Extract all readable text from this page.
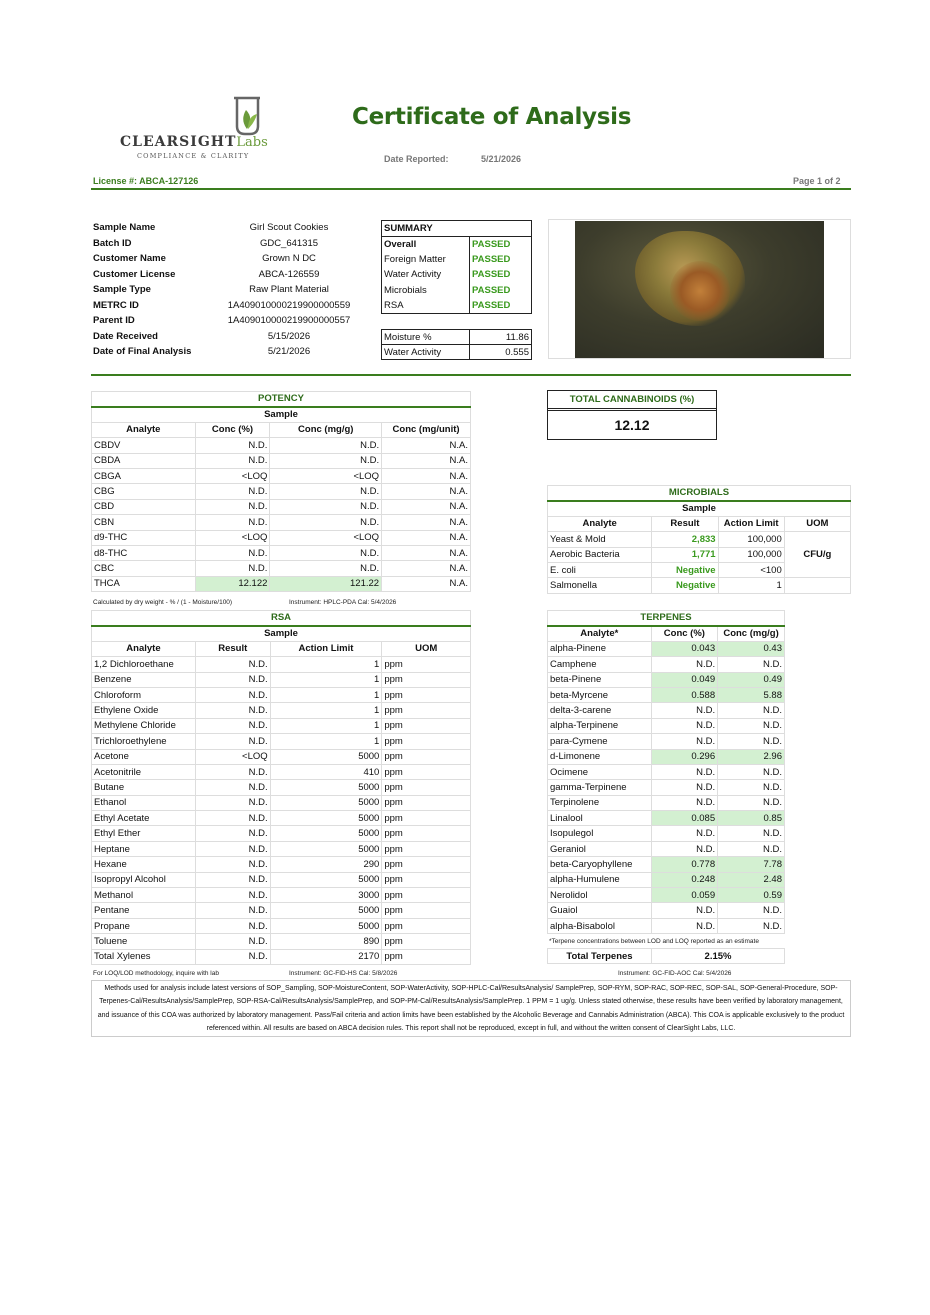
CLEARSIGHTLabs
COMPLIANCE & CLARITY
Certificate of Analysis
Date Reported:	5/21/2026
License #: ABCA-127126	Page 1 of 2
Sample Name	Girl Scout Cookies
Batch ID	GDC_641315
Customer Name	Grown N DC
Customer License	ABCA-126559
Sample Type	Raw Plant Material
METRC ID	1A409010000219900000559
Parent ID	1A409010000219900000557
Date Received	5/15/2026
Date of Final Analysis	5/21/2026
SUMMARY	
Overall	PASSED
Foreign Matter	PASSED
Water Activity	PASSED
Microbials	PASSED
RSA	PASSED
Moisture %	11.86
Water Activity	0.555
POTENCY			
Sample			
Analyte	Conc (%)	Conc (mg/g)	Conc (mg/unit)
CBDV	N.D.	N.D.	N.A.
CBDA	N.D.	N.D.	N.A.
CBGA	<LOQ	<LOQ	N.A.
CBG	N.D.	N.D.	N.A.
CBD	N.D.	N.D.	N.A.
CBN	N.D.	N.D.	N.A.
d9-THC	<LOQ	<LOQ	N.A.
d8-THC	N.D.	N.D.	N.A.
CBC	N.D.	N.D.	N.A.
THCA	12.122	121.22	N.A.
Calculated by dry weight - % / (1 - Moisture/100)	Instrument: HPLC-PDA Cal: 5/4/2026
TOTAL CANNABINOIDS (%)
12.12
MICROBIALS			
Sample			
Analyte	Result	Action Limit	UOM
Yeast & Mold	2,833	100,000	CFU/g
Aerobic Bacteria	1,771	100,000	
E. coli	Negative	<100	
Salmonella	Negative	1	
RSA			
Sample			
Analyte	Result	Action Limit	UOM
1,2 Dichloroethane	N.D.	1	ppm
Benzene	N.D.	1	ppm
Chloroform	N.D.	1	ppm
Ethylene Oxide	N.D.	1	ppm
Methylene Chloride	N.D.	1	ppm
Trichloroethylene	N.D.	1	ppm
Acetone	<LOQ	5000	ppm
Acetonitrile	N.D.	410	ppm
Butane	N.D.	5000	ppm
Ethanol	N.D.	5000	ppm
Ethyl Acetate	N.D.	5000	ppm
Ethyl Ether	N.D.	5000	ppm
Heptane	N.D.	5000	ppm
Hexane	N.D.	290	ppm
Isopropyl Alcohol	N.D.	5000	ppm
Methanol	N.D.	3000	ppm
Pentane	N.D.	5000	ppm
Propane	N.D.	5000	ppm
Toluene	N.D.	890	ppm
Total Xylenes	N.D.	2170	ppm
For LOQ/LOD methodology, inquire with lab	Instrument: GC-FID-HS Cal: 5/8/2026
TERPENES		
Analyte*	Conc (%)	Conc (mg/g)
alpha-Pinene	0.043	0.43
Camphene	N.D.	N.D.
beta-Pinene	0.049	0.49
beta-Myrcene	0.588	5.88
delta-3-carene	N.D.	N.D.
alpha-Terpinene	N.D.	N.D.
para-Cymene	N.D.	N.D.
d-Limonene	0.296	2.96
Ocimene	N.D.	N.D.
gamma-Terpinene	N.D.	N.D.
Terpinolene	N.D.	N.D.
Linalool	0.085	0.85
Isopulegol	N.D.	N.D.
Geraniol	N.D.	N.D.
beta-Caryophyllene	0.778	7.78
alpha-Humulene	0.248	2.48
Nerolidol	0.059	0.59
Guaiol	N.D.	N.D.
alpha-Bisabolol	N.D.	N.D.
*Terpene concentrations between LOD and LOQ reported as an estimate
Total Terpenes	2.15%
Instrument: GC-FID-AOC Cal: 5/4/2026
Methods used for analysis include latest versions of SOP_Sampling, SOP-MoistureContent, SOP-WaterActivity, SOP-HPLC-Cal/ResultsAnalysis/ SamplePrep, SOP-RYM, SOP-RAC, SOP-REC, SOP-SAL, SOP-General-Procedure, SOP-Terpenes-Cal/ResultsAnalysis/SamplePrep, SOP-RSA-Cal/ResultsAnalysis/SamplePrep, and SOP-PM-Cal/ResultsAnalysis/SamplePrep. 1 PPM = 1 ug/g. Unless stated otherwise, these results have been verified by laboratory management, and issuance of this COA was authorized by laboratory management. Pass/Fail criteria and action limits have been established by the Alcoholic Beverage and Cannabis Administration (ABCA). This COA is applicable exclusively to the product referenced within. All results are based on ABCA decision rules. This report shall not be reproduced, except in full, and without the written consent of ClearSight Labs, LLC.
